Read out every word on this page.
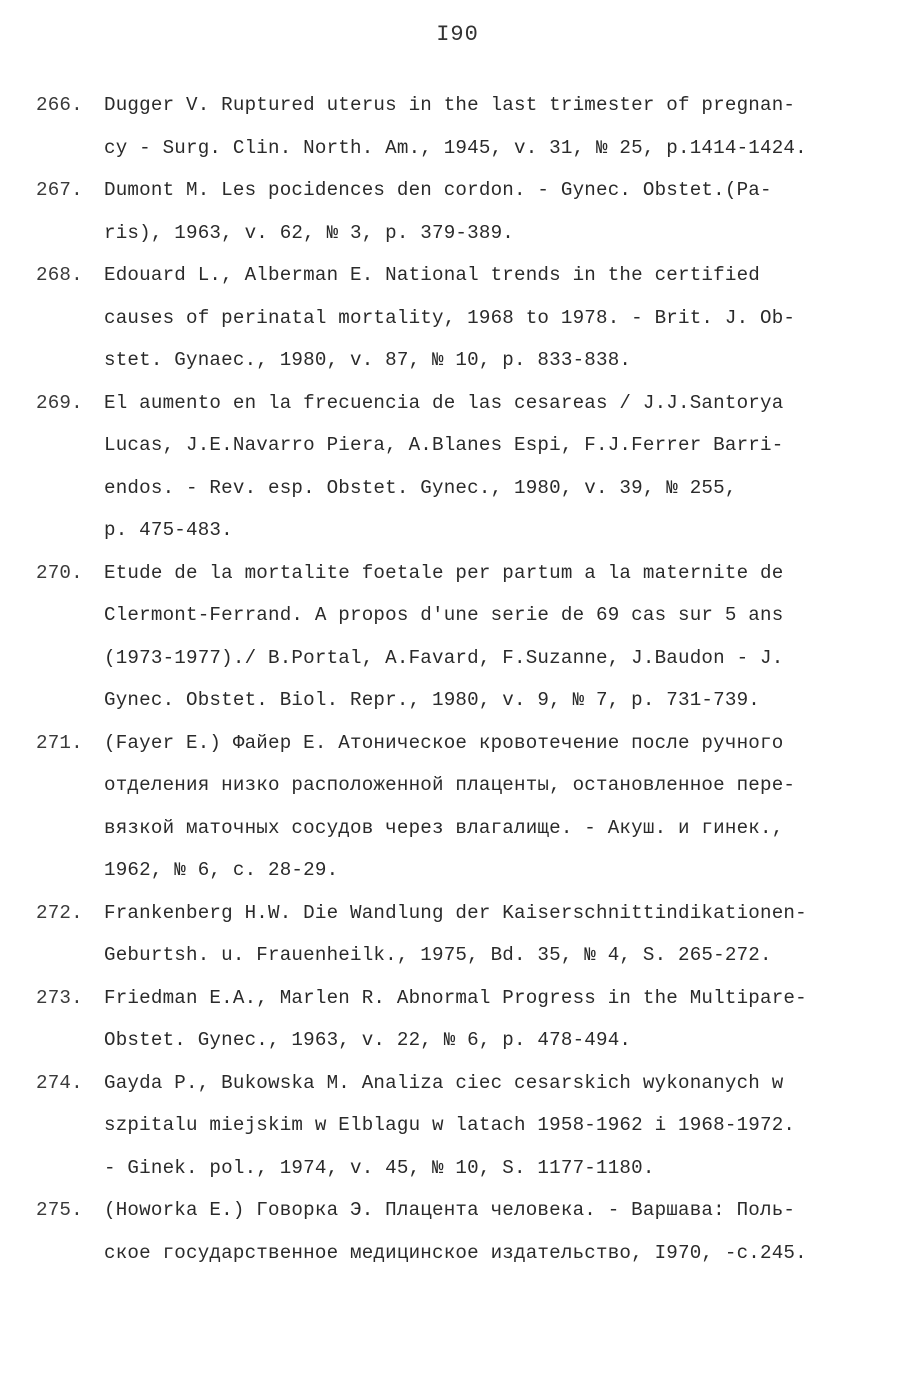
I90
266.	Dugger V. Ruptured uterus in the last trimester of pregnan-
cy - Surg. Clin. North. Am., 1945, v. 31, № 25, p.1414-1424.
267.	Dumont M. Les pocidences den cordon. - Gynec. Obstet.(Pa-
ris), 1963, v. 62, № 3, p. 379-389.
268.	Edouard L., Alberman E. National trends in the certified
causes of perinatal mortality, 1968 to 1978. - Brit. J. Ob-
stet. Gynaec., 1980, v. 87, № 10, p. 833-838.
269.	El aumento en la frecuencia de las cesareas / J.J.Santorya
Lucas, J.E.Navarro Piera, A.Blanes Espi, F.J.Ferrer Barri-
endos. - Rev. esp. Obstet. Gynec., 1980, v. 39, № 255,
p. 475-483.
270.	Etude de la mortalite foetale per partum a la maternite de
Clermont-Ferrand. A propos d'une serie de 69 cas sur 5 ans
(1973-1977)./ B.Portal, A.Favard, F.Suzanne, J.Baudon - J.
Gynec. Obstet. Biol. Repr., 1980, v. 9, № 7, p. 731-739.
271.	(Fayer E.) Файер Е. Атоническое кровотечение после ручного
отделения низко расположенной плаценты, остановленное пере-
вязкой маточных сосудов через влагалище. - Акуш. и гинек.,
1962, № 6, с. 28-29.
272.	Frankenberg H.W. Die Wandlung der Kaiserschnittindikationen-
Geburtsh. u. Frauenheilk., 1975, Bd. 35, № 4, S. 265-272.
273.	Friedman E.A., Marlen R. Abnormal Progress in the Multipare-
Obstet. Gynec., 1963, v. 22, № 6, p. 478-494.
274.	Gayda P., Bukowska M. Analiza ciec cesarskich wykonanych w
szpitalu miejskim w Elblagu w latach 1958-1962 i 1968-1972.
- Ginek. pol., 1974, v. 45, № 10, S. 1177-1180.
275.	(Howorka E.) Говорка Э. Плацента человека. - Варшава: Поль-
ское государственное медицинское издательство, I970, -с.245.
